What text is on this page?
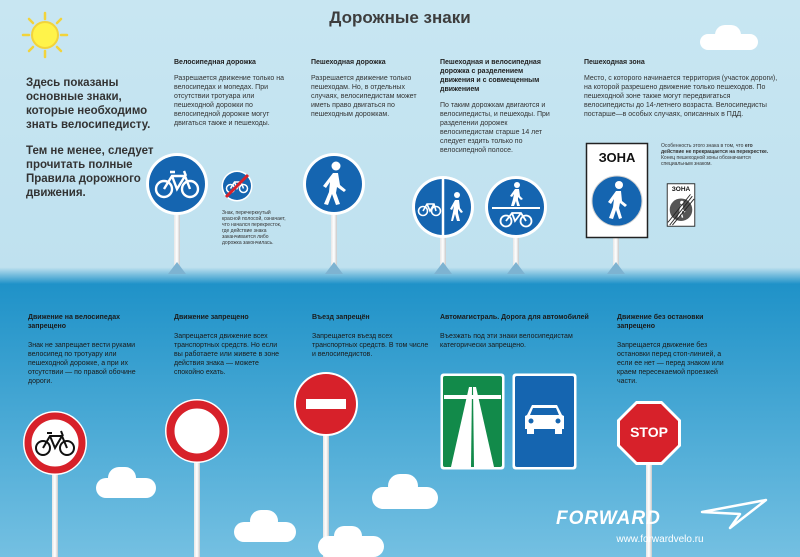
Дорожные знаки

Здесь показаны основные знаки, которые необходимо знать велосипедисту.

Тем не менее, следует прочитать полные Правила дорожного движения.

Велосипедная дорожка
Разрешается движение только на велосипедах и мопедах. При отсутствии тротуара или пешеходной дорожки по велосипедной дорожке могут двигаться также и пешеходы.
Знак, перечеркнутый красной полосой, означает, что начался перекресток, где действие знака заканчивается либо дорожка закончилась.
Пешеходная дорожка
Разрешается движение только пешеходам. Но, в отдельных случаях, велосипедистам может иметь право двигаться по пешеходным дорожкам.
Пешеходная и велосипедная дорожка с разделением движения и с совмещенным движением
По таким дорожкам двигаются и велосипедисты, и пешеходы. При разделении дорожек велосипедистам старше 14 лет следует ездить только по велосипедной полосе.
Пешеходная зона
Место, с которого начинается территория (участок дороги), на которой разрешено движение только пешеходов. По пешеходной зоне также могут передвигаться велосипедисты до 14-летнего возраста. Велосипедисты постарше—в особых случаях, описанных в ПДД.
ЗОНА
Особенность этого знака в том, что его действие не прекращается на перекрестке. Конец пешеходной зоны обозначается специальным знаком.
ЗОНА
Движение на велосипедах запрещено
Знак не запрещает вести руками велосипед по тротуару или пешеходной дорожке, а при их отсутствии — по правой обочине дороги.
Движение запрещено
Запрещается движение всех транспортных средств. Но если вы работаете или живете в зоне действия знака — можете спокойно ехать.
Въезд запрещён
Запрещается въезд всех транспортных средств. В том числе и велосипедистов.
Автомагистраль. Дорога для автомобилей
Въезжать под эти знаки велосипедистам категорически запрещено.
Движение без остановки запрещено
Запрещается движение без остановки перед стоп-линией, а если ее нет — перед знаком или краем пересекаемой проезжей части.
STOP
FORWARD
www.forwardvelo.ru
